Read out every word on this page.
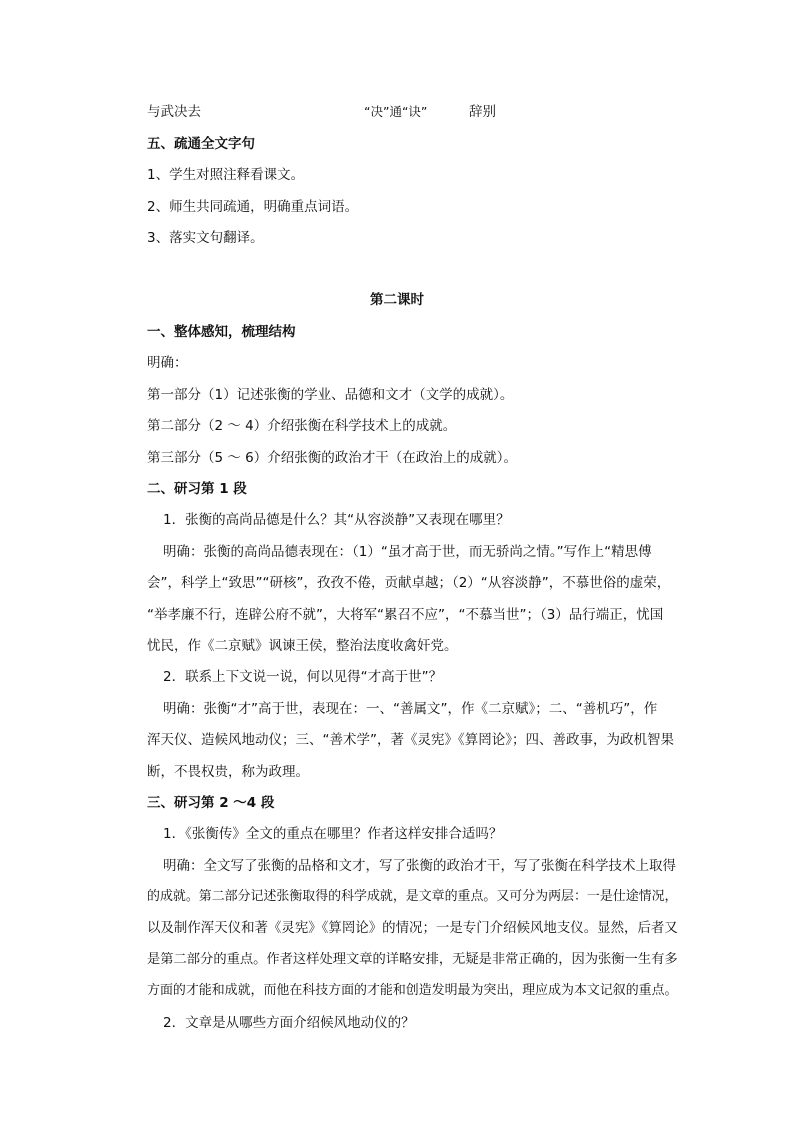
与武决去	“决”通“诀”	辞别
五、疏通全文字句
1、学生对照注释看课文。
2、师生共同疏通，明确重点词语。
3、落实文句翻译。
第二课时
一、整体感知，梳理结构
明确：
第一部分（1）记述张衡的学业、品德和文才（文学的成就）。
第二部分（2 ～ 4）介绍张衡在科学技术上的成就。
第三部分（5 ～ 6）介绍张衡的政治才干（在政治上的成就）。
二、研习第 1 段
1．张衡的高尚品德是什么？其“从容淡静”又表现在哪里？
明确：张衡的高尚品德表现在：（1）“虽才高于世，而无骄尚之情。”写作上“精思傅
会”，科学上“致思”“研核”，孜孜不倦，贡献卓越；（2）“从容淡静”，不慕世俗的虚荣，
“举孝廉不行，连辟公府不就”，大将军“累召不应”，“不慕当世”；（3）品行端正，忧国
忧民，作《二京赋》讽谏王侯，整治法度收禽奸党。
2．联系上下文说一说，何以见得“才高于世”？
明确：张衡“才”高于世，表现在：一、“善属文”，作《二京赋》；二、“善机巧”，作
浑天仪、造候风地动仪；三、“善术学”，著《灵宪》《算罔论》；四、善政事，为政机智果
断，不畏权贵，称为政理。
三、研习第 2 ～4 段
1．《张衡传》全文的重点在哪里？作者这样安排合适吗？
明确：全文写了张衡的品格和文才，写了张衡的政治才干，写了张衡在科学技术上取得
的成就。第二部分记述张衡取得的科学成就，是文章的重点。又可分为两层：一是仕途情况，
以及制作浑天仪和著《灵宪》《算罔论》的情况；一是专门介绍候风地支仪。显然，后者又
是第二部分的重点。作者这样处理文章的详略安排，无疑是非常正确的，因为张衡一生有多
方面的才能和成就，而他在科技方面的才能和创造发明最为突出，理应成为本文记叙的重点。
2．文章是从哪些方面介绍候风地动仪的？
